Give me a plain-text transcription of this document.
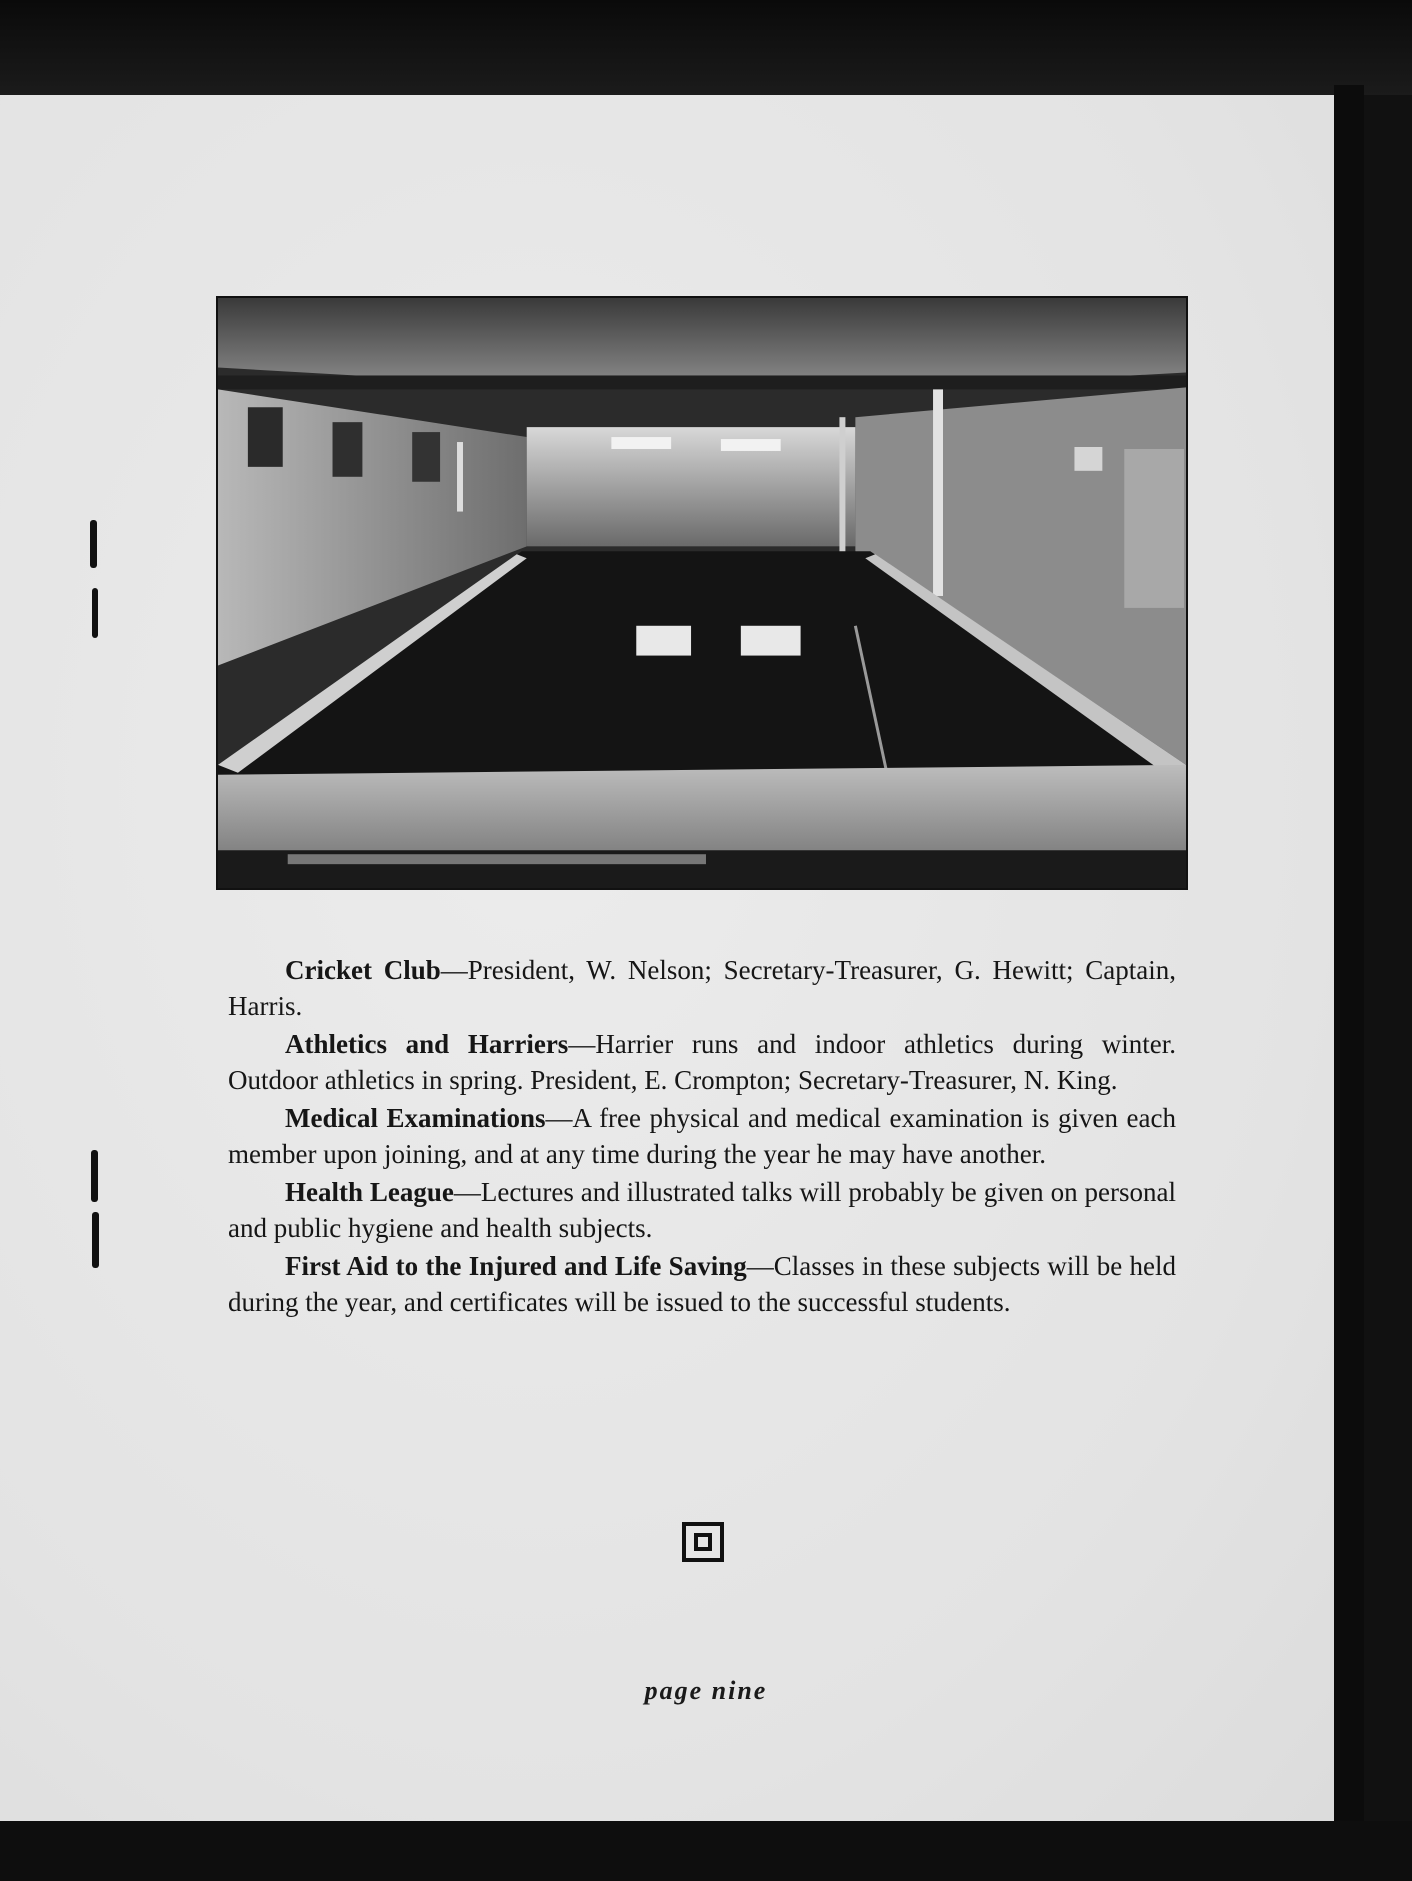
Cricket Club—President, W. Nelson; Secretary-Treasurer, G. Hewitt; Captain, Harris.

Athletics and Harriers—Harrier runs and indoor athletics during winter. Outdoor athletics in spring. President, E. Crompton; Secretary-Treasurer, N. King.

Medical Examinations—A free physical and medical examination is given each member upon joining, and at any time during the year he may have another.

Health League—Lectures and illustrated talks will probably be given on personal and public hygiene and health subjects.

First Aid to the Injured and Life Saving—Classes in these subjects will be held during the year, and certificates will be issued to the successful students.

page nine
